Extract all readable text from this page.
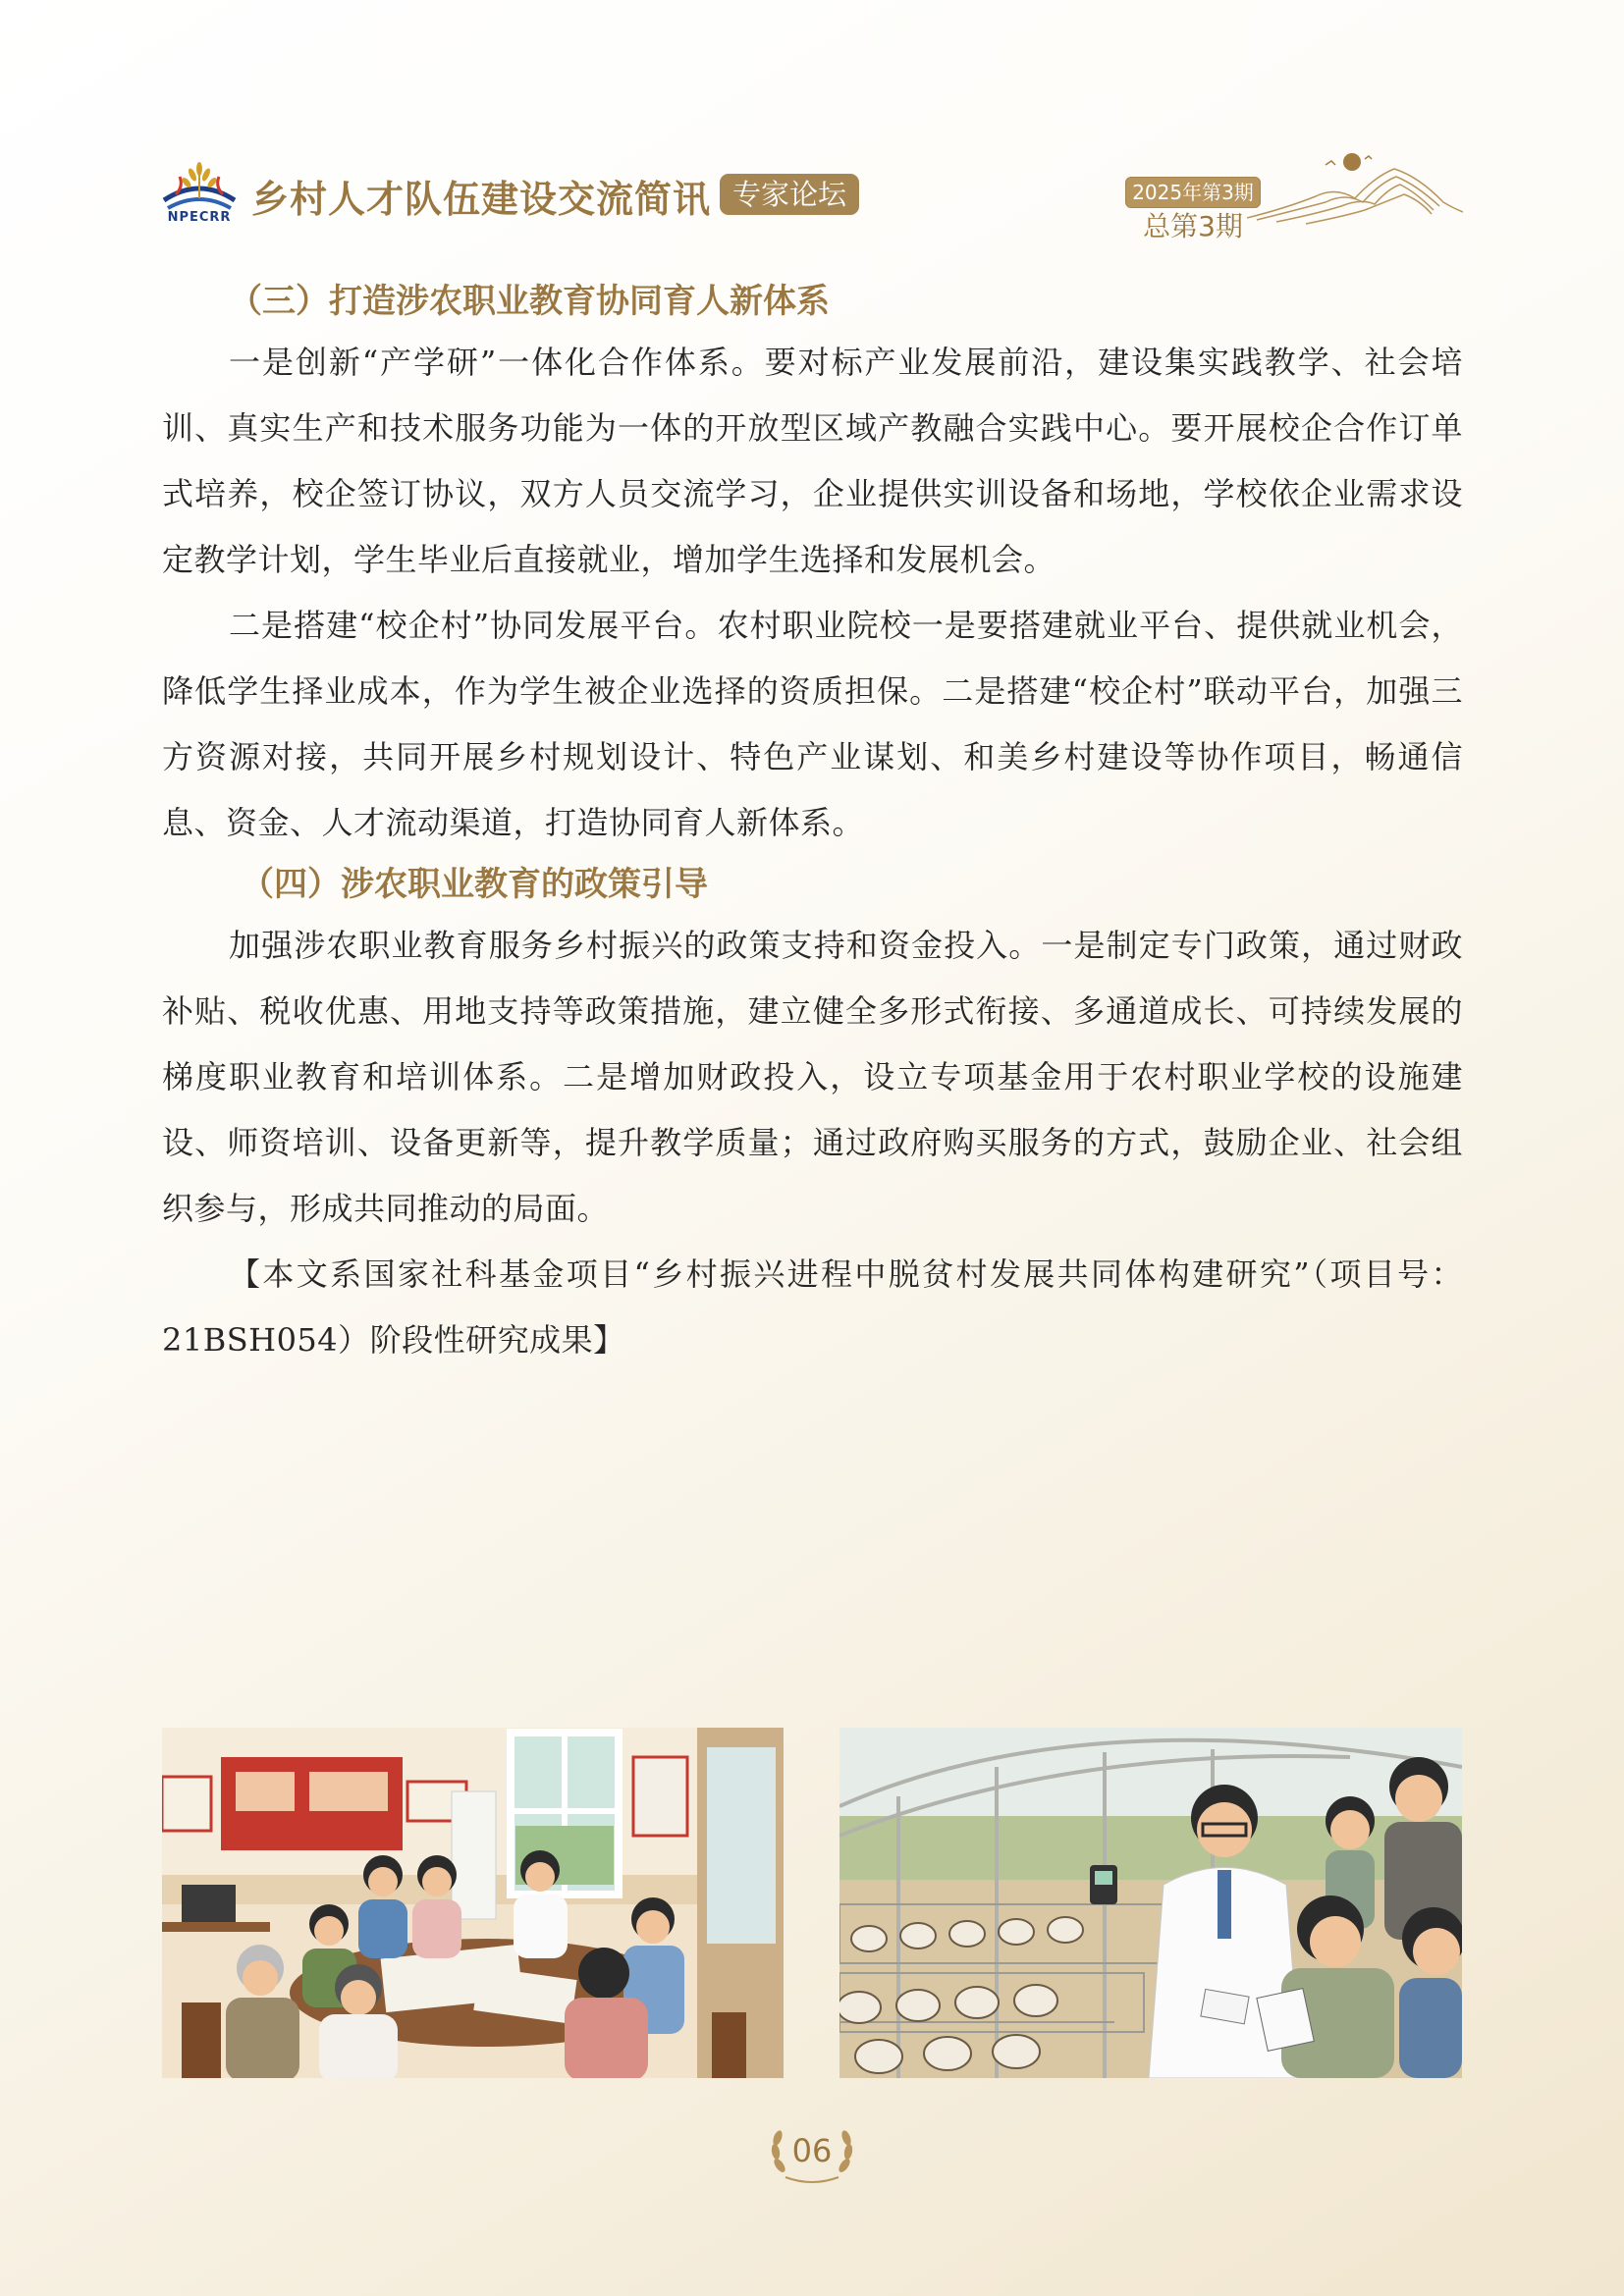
NPECRR 乡村人才队伍建设交流简讯 专家论坛	2025年第3期
总第3期
（三）打造涉农职业教育协同育人新体系

一是创新“产学研”一体化合作体系。要对标产业发展前沿，建设集实践教学、社会培训、真实生产和技术服务功能为一体的开放型区域产教融合实践中心。要开展校企合作订单式培养，校企签订协议，双方人员交流学习，企业提供实训设备和场地，学校依企业需求设定教学计划，学生毕业后直接就业，增加学生选择和发展机会。

二是搭建“校企村”协同发展平台。农村职业院校一是要搭建就业平台、提供就业机会，降低学生择业成本，作为学生被企业选择的资质担保。二是搭建“校企村”联动平台，加强三方资源对接，共同开展乡村规划设计、特色产业谋划、和美乡村建设等协作项目，畅通信息、资金、人才流动渠道，打造协同育人新体系。

（四）涉农职业教育的政策引导

加强涉农职业教育服务乡村振兴的政策支持和资金投入。一是制定专门政策，通过财政补贴、税收优惠、用地支持等政策措施，建立健全多形式衔接、多通道成长、可持续发展的梯度职业教育和培训体系。二是增加财政投入，设立专项基金用于农村职业学校的设施建设、师资培训、设备更新等，提升教学质量；通过政府购买服务的方式，鼓励企业、社会组织参与，形成共同推动的局面。

【本文系国家社科基金项目“乡村振兴进程中脱贫村发展共同体构建研究”（项目号：21BSH054）阶段性研究成果】

06
